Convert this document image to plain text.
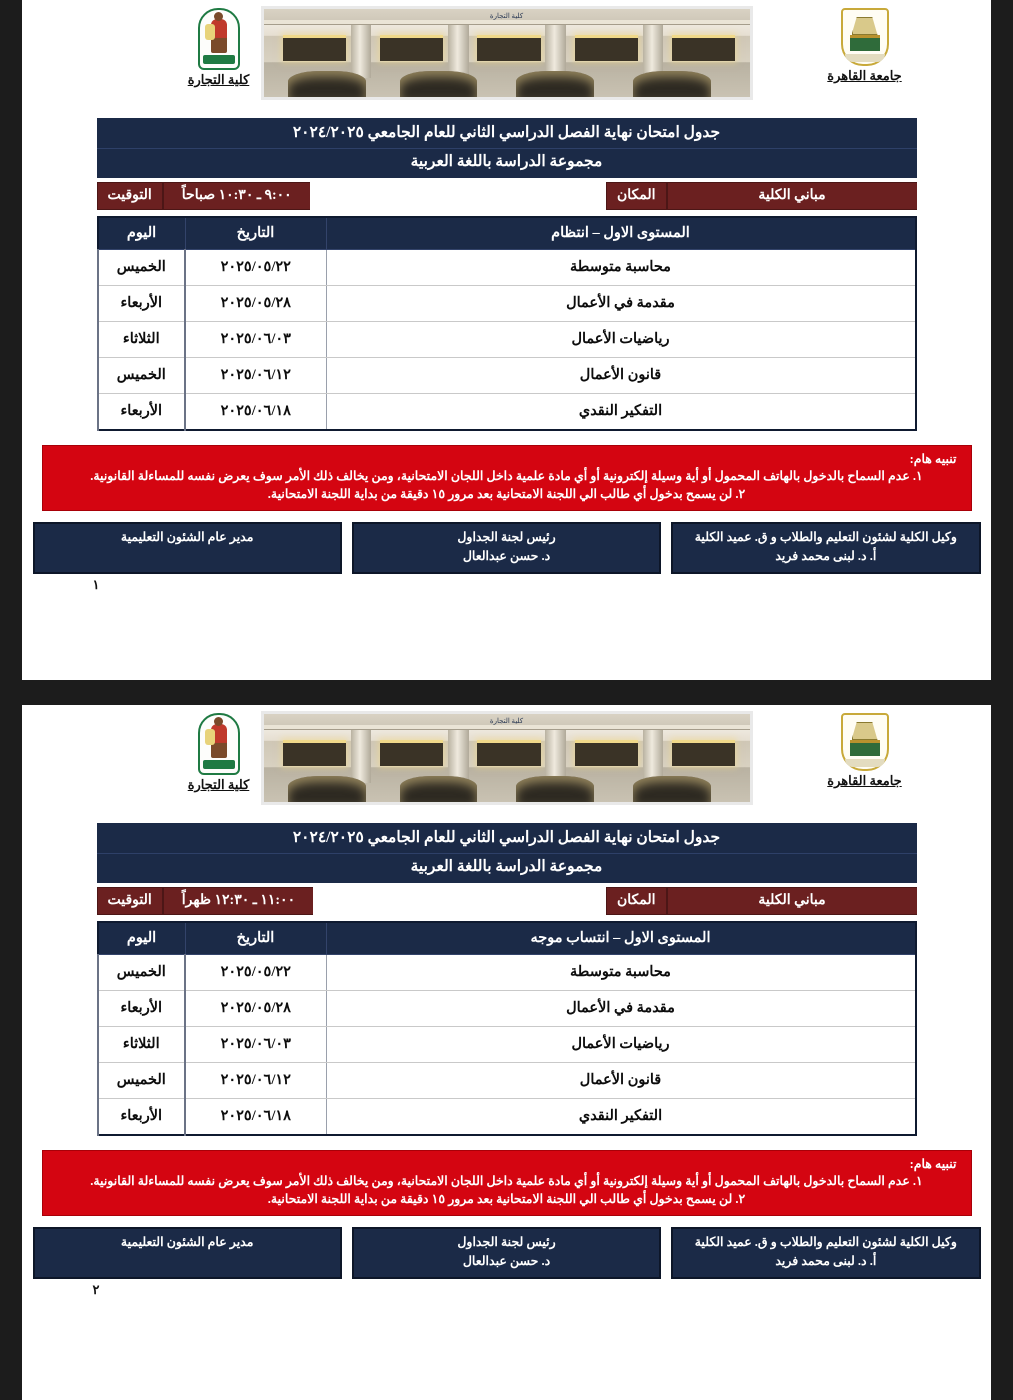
كلية التجارة
كلية التجارة
جامعة القاهرة
جدول امتحان نهاية الفصل الدراسي الثاني للعام الجامعي ٢٠٢٤/٢٠٢٥
مجموعة الدراسة باللغة العربية
التوقيت	٩:٠٠ ـ ١٠:٣٠ صباحاً	المكان	مباني الكلية
المستوى الاول – انتظام	التاريخ	اليوم
محاسبة متوسطة	٢٠٢٥/٠٥/٢٢	الخميس
مقدمة في الأعمال	٢٠٢٥/٠٥/٢٨	الأربعاء
رياضيات الأعمال	٢٠٢٥/٠٦/٠٣	الثلاثاء
قانون الأعمال	٢٠٢٥/٠٦/١٢	الخميس
التفكير النقدي	٢٠٢٥/٠٦/١٨	الأربعاء
تنبيه هام:
١. عدم السماح بالدخول بالهاتف المحمول أو أية وسيلة إلكترونية أو أي مادة علمية داخل اللجان الامتحانية، ومن يخالف ذلك الأمر سوف يعرض نفسه للمساءلة القانونية.
٢. لن يسمح بدخول أي طالب الي اللجنة الامتحانية بعد مرور ١٥ دقيقة من بداية اللجنة الامتحانية.
مدير عام الشئون التعليمية	رئيس لجنة الجداول
د. حسن عبدالعال
وكيل الكلية لشئون التعليم والطلاب و ق. عميد الكلية
أ. د. لبنى محمد فريد
١
كلية التجارة
كلية التجارة
جامعة القاهرة
جدول امتحان نهاية الفصل الدراسي الثاني للعام الجامعي ٢٠٢٤/٢٠٢٥
مجموعة الدراسة باللغة العربية
التوقيت	١١:٠٠ ـ ١٢:٣٠ ظهراً	المكان	مباني الكلية
المستوى الاول – انتساب موجه	التاريخ	اليوم
محاسبة متوسطة	٢٠٢٥/٠٥/٢٢	الخميس
مقدمة في الأعمال	٢٠٢٥/٠٥/٢٨	الأربعاء
رياضيات الأعمال	٢٠٢٥/٠٦/٠٣	الثلاثاء
قانون الأعمال	٢٠٢٥/٠٦/١٢	الخميس
التفكير النقدي	٢٠٢٥/٠٦/١٨	الأربعاء
تنبيه هام:
١. عدم السماح بالدخول بالهاتف المحمول أو أية وسيلة إلكترونية أو أي مادة علمية داخل اللجان الامتحانية، ومن يخالف ذلك الأمر سوف يعرض نفسه للمساءلة القانونية.
٢. لن يسمح بدخول أي طالب الي اللجنة الامتحانية بعد مرور ١٥ دقيقة من بداية اللجنة الامتحانية.
مدير عام الشئون التعليمية	رئيس لجنة الجداول
د. حسن عبدالعال
وكيل الكلية لشئون التعليم والطلاب و ق. عميد الكلية
أ. د. لبنى محمد فريد
٢
